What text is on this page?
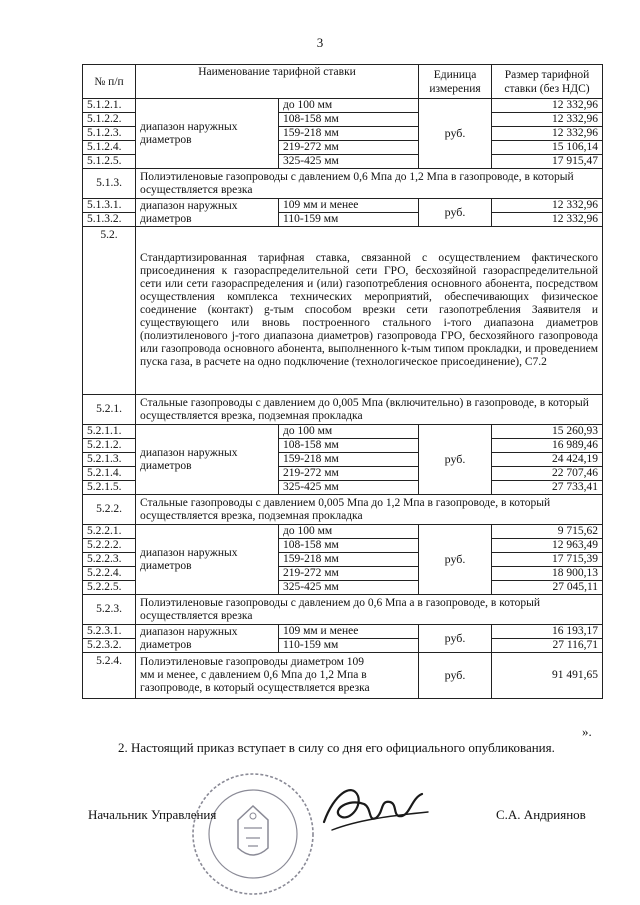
3
№ п/п	Наименование тарифной ставки		Единица измерения	Размер тарифной ставки (без НДС)
5.1.2.1.	диапазон наружных диаметров	до 100 мм	руб.	12 332,96
5.1.2.2.		108-158 мм		12 332,96
5.1.2.3.		159-218 мм		12 332,96
5.1.2.4.		219-272 мм		15 106,14
5.1.2.5.		325-425 мм		17 915,47
5.1.3.	Полиэтиленовые газопроводы с давлением 0,6 Мпа до 1,2 Мпа в газопроводе, в который осуществляется врезка			
5.1.3.1.	диапазон наружных диаметров	109 мм и менее	руб.	12 332,96
5.1.3.2.		110-159 мм		12 332,96
5.2.	Стандартизированная тарифная ставка, связанной с осуществлением фактического присоединения к газораспределительной сети ГРО, бесхозяйной газораспределительной сети или сети газораспределения и (или) газопотребления основного абонента, посредством осуществления комплекса технических мероприятий, обеспечивающих физическое соединение (контакт) g-тым способом врезки сети газопотребления Заявителя и существующего или вновь построенного стального i-того диапазона диаметров (полиэтиленового j-того диапазона диаметров) газопровода ГРО, бесхозяйного газопровода или газопровода основного абонента, выполненного k-тым типом прокладки, и проведением пуска газа, в расчете на одно подключение (технологическое присоединение), С7.2			
5.2.1.	Стальные газопроводы с давлением до 0,005 Мпа (включительно) в газопроводе, в который осуществляется врезка, подземная прокладка			
5.2.1.1.	диапазон наружных диаметров	до 100 мм	руб.	15 260,93
5.2.1.2.		108-158 мм		16 989,46
5.2.1.3.		159-218 мм		24 424,19
5.2.1.4.		219-272 мм		22 707,46
5.2.1.5.		325-425 мм		27 733,41
5.2.2.	Стальные газопроводы с давлением 0,005 Мпа до 1,2 Мпа в газопроводе, в который осуществляется врезка, подземная прокладка			
5.2.2.1.	диапазон наружных диаметров	до 100 мм	руб.	9 715,62
5.2.2.2.		108-158 мм		12 963,49
5.2.2.3.		159-218 мм		17 715,39
5.2.2.4.		219-272 мм		18 900,13
5.2.2.5.		325-425 мм		27 045,11
5.2.3.	Полиэтиленовые газопроводы с давлением до 0,6 Мпа а в газопроводе, в который осуществляется врезка			
5.2.3.1.	диапазон наружных диаметров	109 мм и менее	руб.	16 193,17
5.2.3.2.		110-159 мм		27 116,71
5.2.4.	Полиэтиленовые газопроводы диаметром 109 мм и менее, с давлением 0,6 Мпа до 1,2 Мпа в газопроводе, в который осуществляется врезка		руб.	91 491,65
».
2. Настоящий приказ вступает в силу со дня его официального опубликования.
Начальник Управления	С.А. Андриянов
